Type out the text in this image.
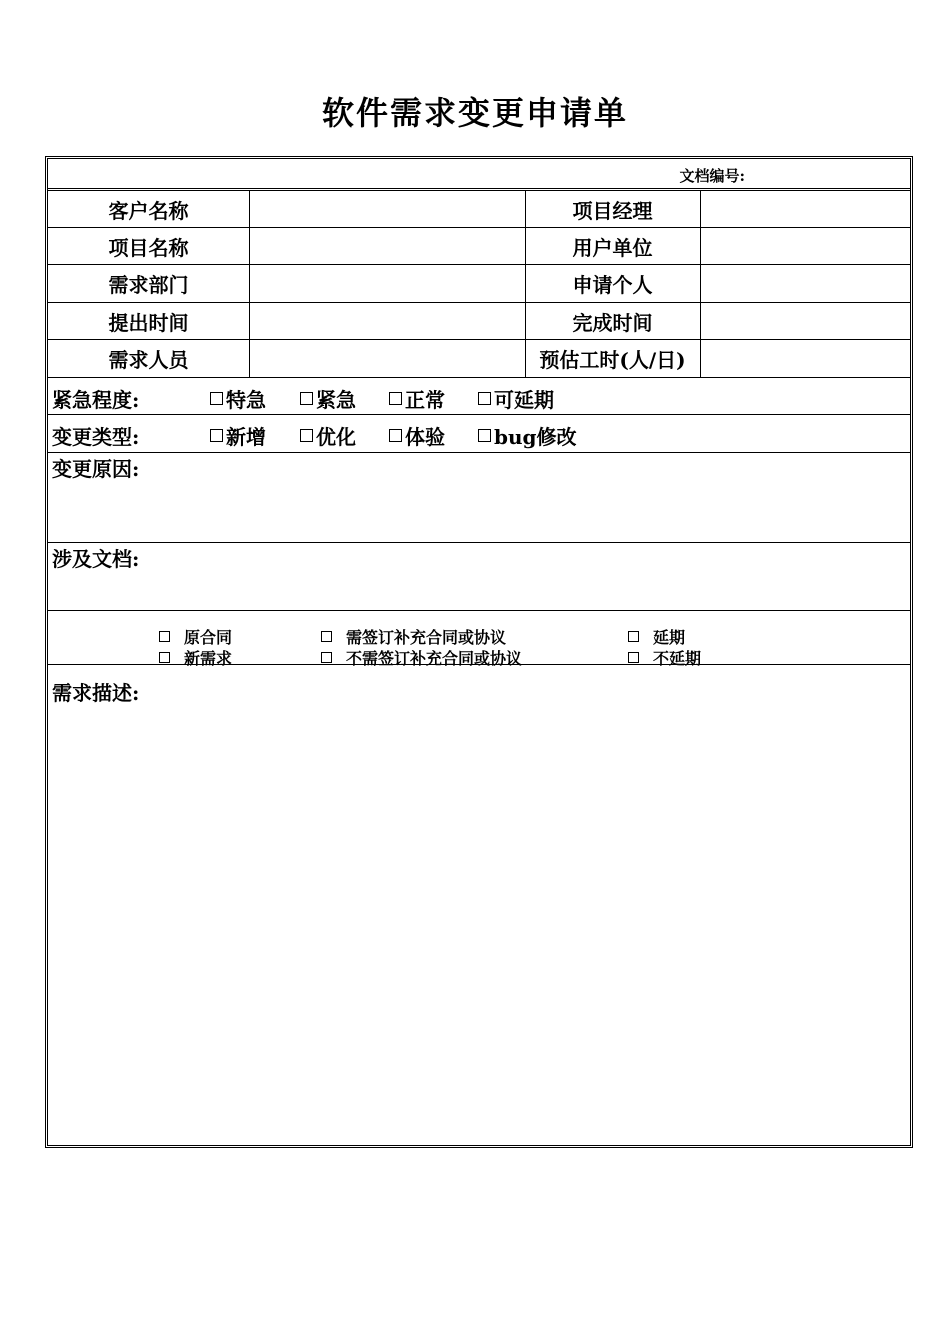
软件需求变更申请单
文档编号:
客户名称	项目经理
项目名称	用户单位
需求部门	申请个人
提出时间	完成时间
需求人员	预估工时(人/日)
紧急程度:	特急	紧急 正常 可延期
变更类型:	新增	优化 体验 bug修改
变更原因:
涉及文档:
原合同	需签订补充合同或协议	延期
新需求	不需签订补充合同或协议	不延期
需求描述:
